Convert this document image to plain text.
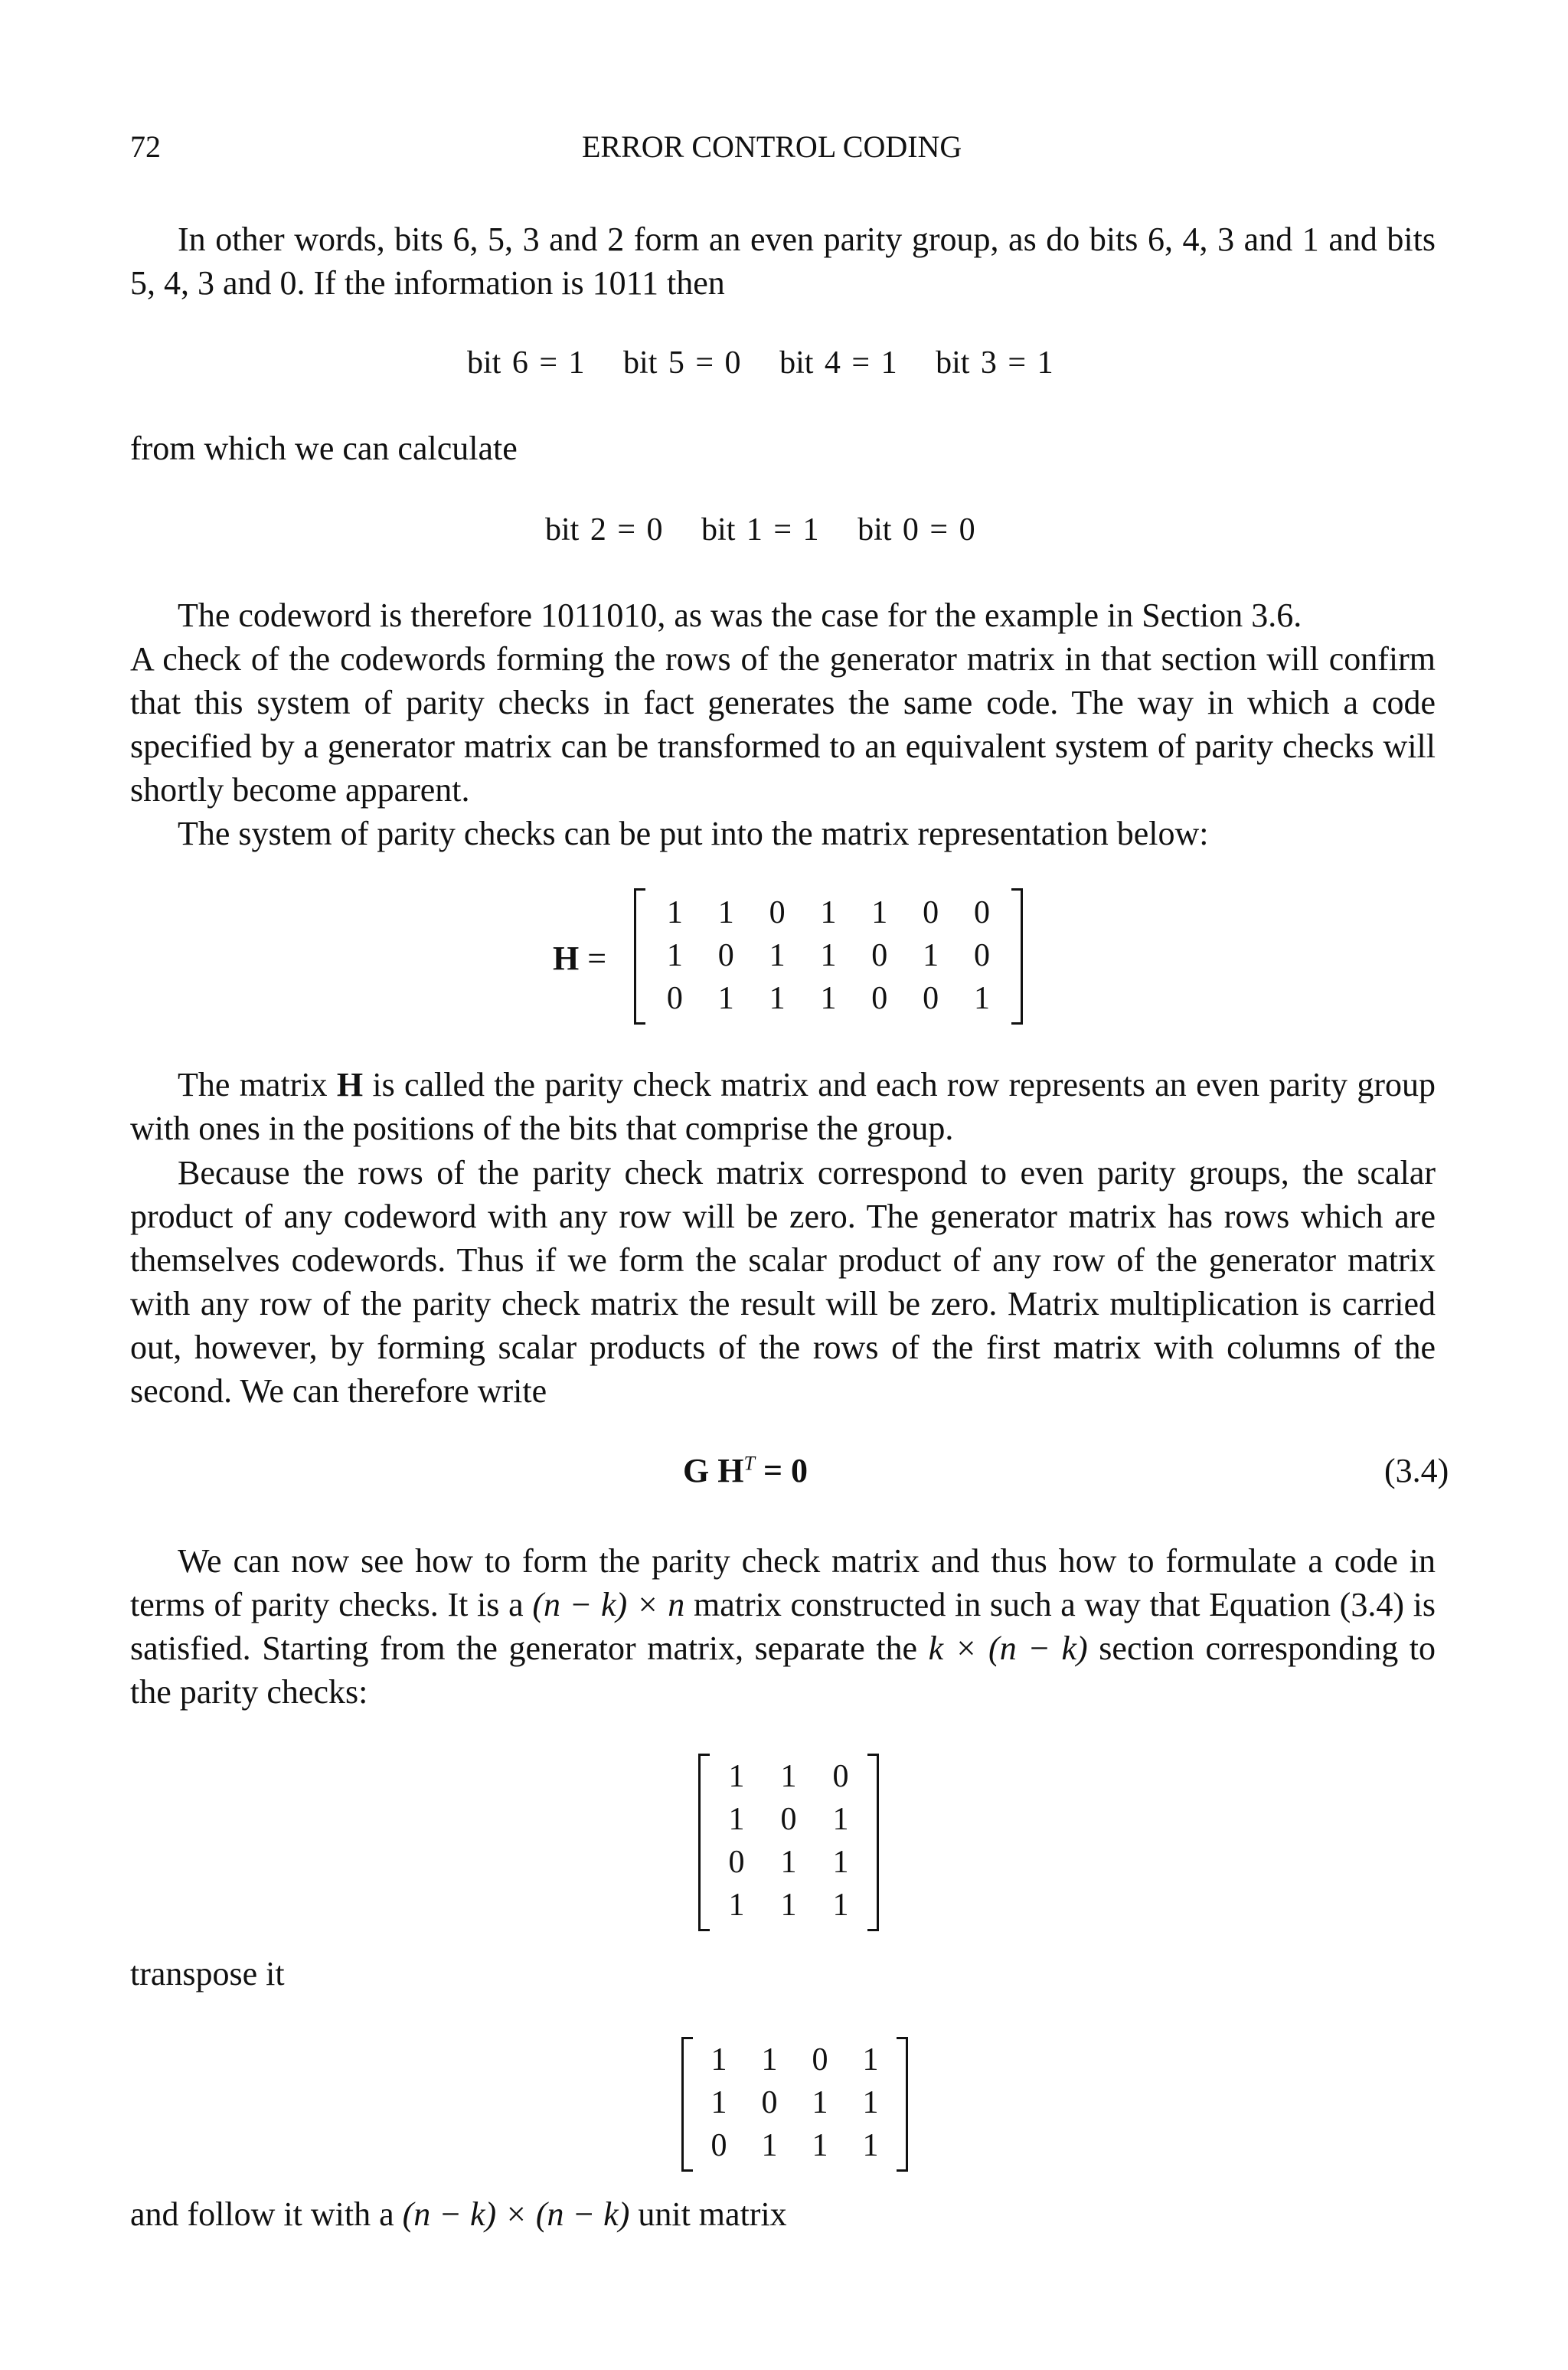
72	ERROR CONTROL CODING
In other words, bits 6, 5, 3 and 2 form an even parity group, as do bits 6, 4, 3 and 1 and bits 5, 4, 3 and 0. If the information is 1011 then
bit 6 = 1 bit 5 = 0 bit 4 = 1 bit 3 = 1
from which we can calculate
bit 2 = 0 bit 1 = 1 bit 0 = 0
The codeword is therefore 1011010, as was the case for the example in Section 3.6.
A check of the codewords forming the rows of the generator matrix in that section will confirm that this system of parity checks in fact generates the same code. The way in which a code specified by a generator matrix can be transformed to an equivalent system of parity checks will shortly become apparent.
The system of parity checks can be put into the matrix representation below:
H =
1	1	0	1	1	0	0
1	0	1	1	0	1	0
0	1	1	1	0	0	1
The matrix H is called the parity check matrix and each row represents an even parity group with ones in the positions of the bits that comprise the group.
Because the rows of the parity check matrix correspond to even parity groups, the scalar product of any codeword with any row will be zero. The generator matrix has rows which are themselves codewords. Thus if we form the scalar product of any row of the generator matrix with any row of the parity check matrix the result will be zero. Matrix multiplication is carried out, however, by forming scalar products of the rows of the first matrix with columns of the second. We can therefore write
G $H^T = 0$	(3.4)
We can now see how to form the parity check matrix and thus how to formulate a code in terms of parity checks. It is a (n − k) × n matrix constructed in such a way that Equation (3.4) is satisfied. Starting from the generator matrix, separate the k × (n − k) section corresponding to the parity checks:
1	1	0
1	0	1
0	1	1
1	1	1
transpose it
1	1	0	1
1	0	1	1
0	1	1	1
and follow it with a (n − k) × (n − k) unit matrix
